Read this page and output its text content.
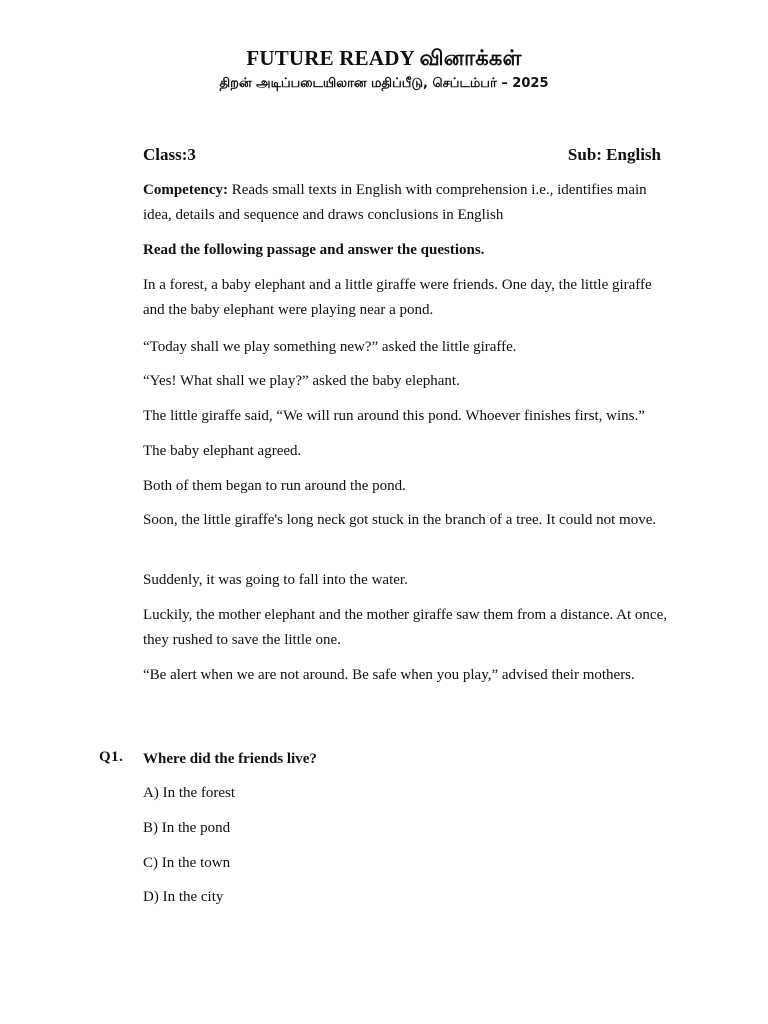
FUTURE READY வினாக்கள்
திறன் அடிப்படையிலான மதிப்பீடு, செப்டம்பர் – 2025
Class:3	Sub: English
Competency: Reads small texts in English with comprehension i.e., identifies main idea, details and sequence and draws conclusions in English
Read the following passage and answer the questions.
In a forest, a baby elephant and a little giraffe were friends. One day, the little giraffe and the baby elephant were playing near a pond.
“Today shall we play something new?” asked the little giraffe.
“Yes! What shall we play?” asked the baby elephant.
The little giraffe said, “We will run around this pond. Whoever finishes first, wins.”
The baby elephant agreed.
Both of them began to run around the pond.
Soon, the little giraffe's long neck got stuck in the branch of a tree. It could not move.
Suddenly, it was going to fall into the water.
Luckily, the mother elephant and the mother giraffe saw them from a distance. At once, they rushed to save the little one.
“Be alert when we are not around. Be safe when you play,” advised their mothers.
Q1. Where did the friends live?
A) In the forest
B) In the pond
C) In the town
D) In the city
